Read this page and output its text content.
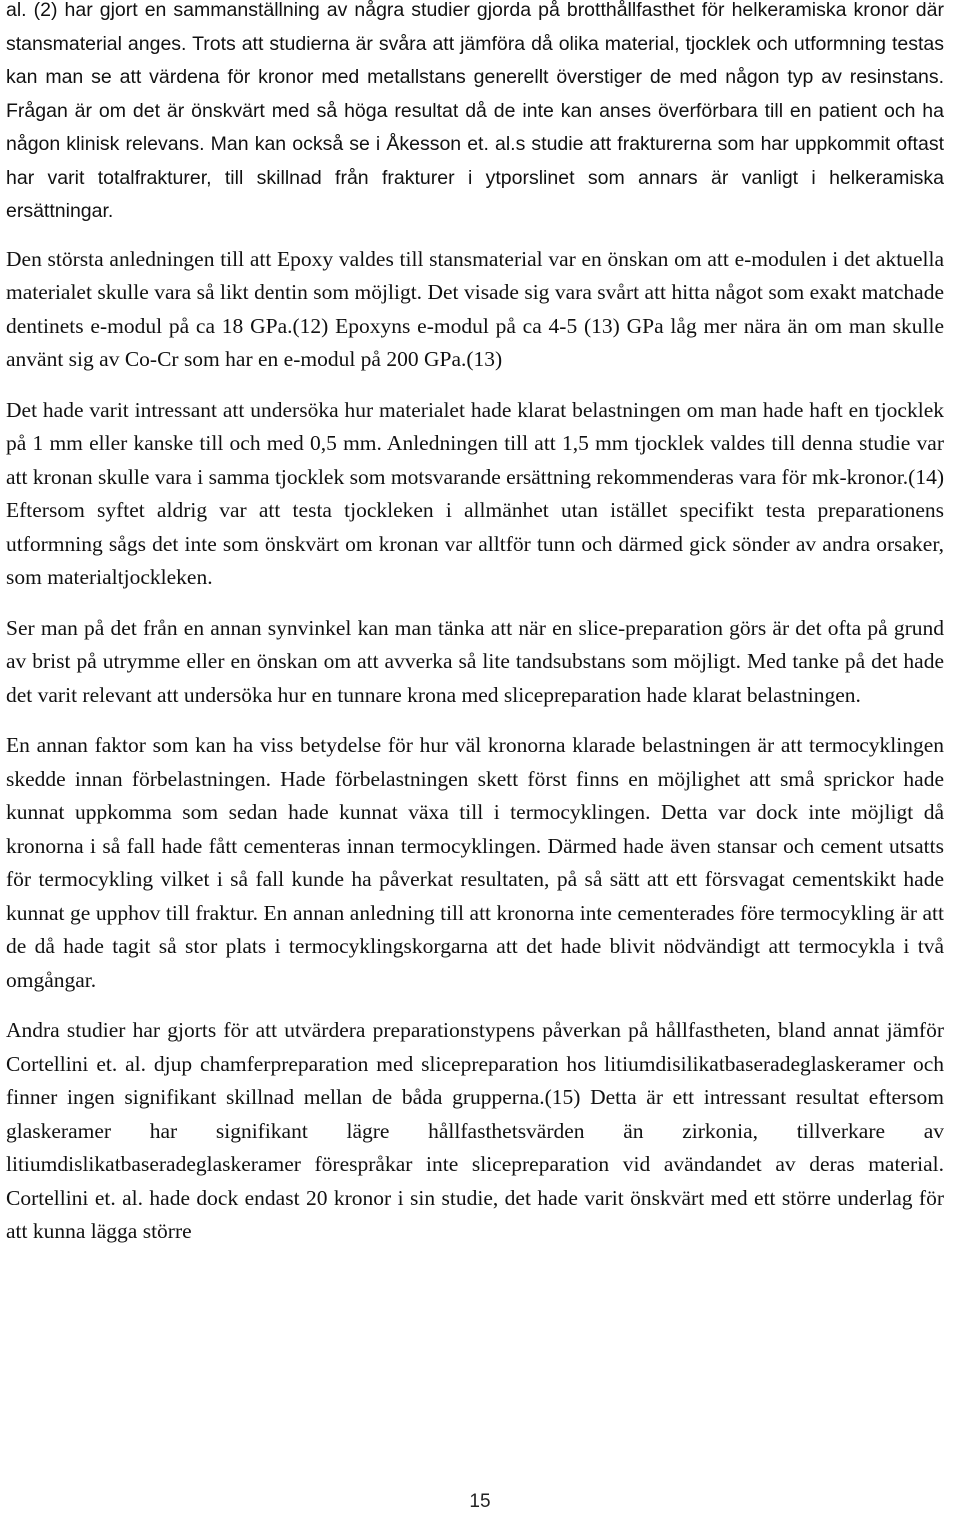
al. (2) har gjort en sammanställning av några studier gjorda på brotthållfasthet för helkeramiska kronor där stansmaterial anges. Trots att studierna är svåra att jämföra då olika material, tjocklek och utformning testas kan man se att värdena för kronor med metallstans generellt överstiger de med någon typ av resinstans. Frågan är om det är önskvärt med så höga resultat då de inte kan anses överförbara till en patient och ha någon klinisk relevans. Man kan också se i Åkesson et. al.s studie att frakturerna som har uppkommit oftast har varit totalfrakturer, till skillnad från frakturer i ytporslinet som annars är vanligt i helkeramiska ersättningar.

Den största anledningen till att Epoxy valdes till stansmaterial var en önskan om att e-modulen i det aktuella materialet skulle vara så likt dentin som möjligt. Det visade sig vara svårt att hitta något som exakt matchade dentinets e-modul på ca 18 GPa.(12) Epoxyns e-modul på ca 4-5 (13) GPa låg mer nära än om man skulle använt sig av Co-Cr som har en e-modul på 200 GPa.(13)

Det hade varit intressant att undersöka hur materialet hade klarat belastningen om man hade haft en tjocklek på 1 mm eller kanske till och med 0,5 mm. Anledningen till att 1,5 mm tjocklek valdes till denna studie var att kronan skulle vara i samma tjocklek som motsvarande ersättning rekommenderas vara för mk-kronor.(14) Eftersom syftet aldrig var att testa tjockleken i allmänhet utan istället specifikt testa preparationens utformning sågs det inte som önskvärt om kronan var alltför tunn och därmed gick sönder av andra orsaker, som materialtjockleken.

Ser man på det från en annan synvinkel kan man tänka att när en slice-preparation görs är det ofta på grund av brist på utrymme eller en önskan om att avverka så lite tandsubstans som möjligt. Med tanke på det hade det varit relevant att undersöka hur en tunnare krona med slicepreparation hade klarat belastningen.

En annan faktor som kan ha viss betydelse för hur väl kronorna klarade belastningen är att termocyklingen skedde innan förbelastningen. Hade förbelastningen skett först finns en möjlighet att små sprickor hade kunnat uppkomma som sedan hade kunnat växa till i termocyklingen. Detta var dock inte möjligt då kronorna i så fall hade fått cementeras innan termocyklingen. Därmed hade även stansar och cement utsatts för termocykling vilket i så fall kunde ha påverkat resultaten, på så sätt att ett försvagat cementskikt hade kunnat ge upphov till fraktur. En annan anledning till att kronorna inte cementerades före termocykling är att de då hade tagit så stor plats i termocyklingskorgarna att det hade blivit nödvändigt att termocykla i två omgångar.

Andra studier har gjorts för att utvärdera preparationstypens påverkan på hållfastheten, bland annat jämför Cortellini et. al. djup chamferpreparation med slicepreparation hos litiumdisilikatbaseradeglaskeramer och finner ingen signifikant skillnad mellan de båda grupperna.(15) Detta är ett intressant resultat eftersom glaskeramer har signifikant lägre hållfasthetsvärden än zirkonia, tillverkare av litiumdislikatbaseradeglaskeramer förespråkar inte slicepreparation vid avändandet av deras material. Cortellini et. al. hade dock endast 20 kronor i sin studie, det hade varit önskvärt med ett större underlag för att kunna lägga större

15
